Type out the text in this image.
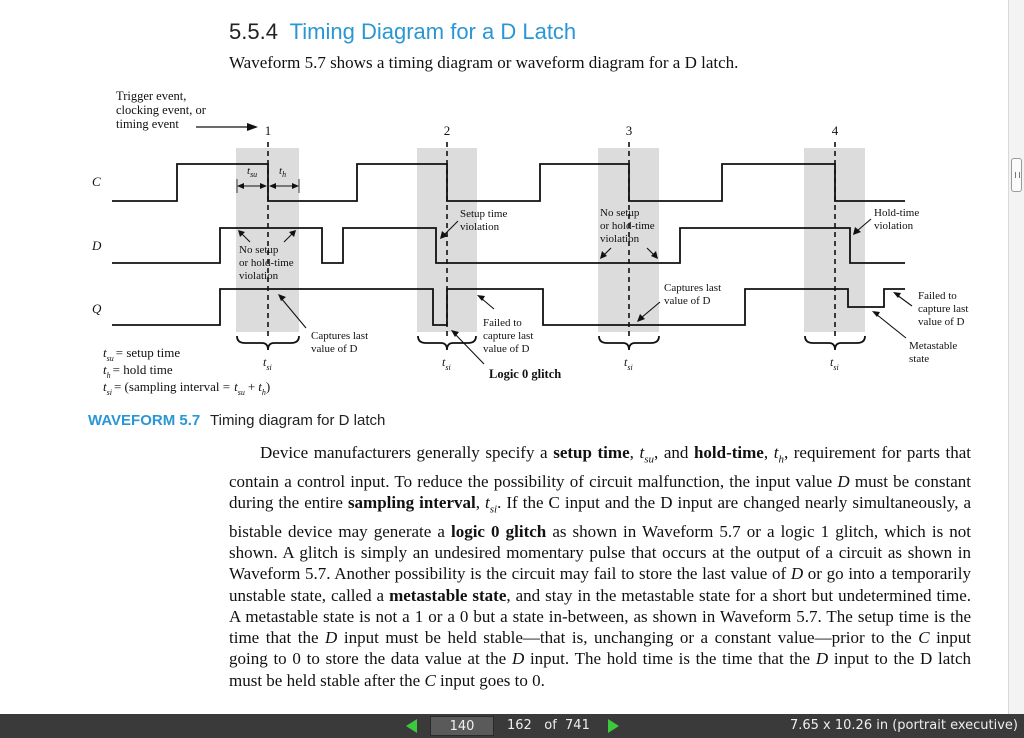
5.5.4 Timing Diagram for a D Latch
Waveform 5.7 shows a timing diagram or waveform diagram for a D latch.
Trigger event,
clocking event, or
timing event	1	2	3	4
C
D
Q
$t_{su}$ $t_h$
No setup
or hold-time
violation
Setup time
violation
No setup
or hold-time
violation
Hold-time
violation
Captures last
value of D
Failed to
capture last
value of D
Logic 0 glitch
Captures last
value of D	Failed to
capture last
value of D
Metastable
state
$t_{si}$	$t_{si}$	$t_{si}$	$t_{si}$
$t_{su}$ = setup time
$t_h$ = hold time
$t_{si}$ = (sampling interval = $t_{su} + t_h$)
WAVEFORM 5.7 Timing diagram for D latch

Device manufacturers generally specify a setup time, $t_{su}$, and hold-time, $t_h$, requirement for parts that contain a control input. To reduce the possibility of circuit malfunction, the input value D must be constant during the entire sampling interval, $t_{si}$. If the C input and the D input are changed nearly simultaneously, a bistable device may generate a logic 0 glitch as shown in Waveform 5.7 or a logic 1 glitch, which is not shown. A glitch is simply an undesired momentary pulse that occurs at the output of a circuit as shown in Waveform 5.7. Another possibility is the circuit may fail to store the last value of D or go into a temporarily unstable state, called a metastable state, and stay in the metastable state for a short but undetermined time. A metastable state is not a 1 or a 0 but a state in-between, as shown in Waveform 5.7. The setup time is the time that the D input must be held stable—that is, unchanging or a constant value—prior to the C input going to 0 to store the data value at the D input. The hold time is the time that the D input to the D latch must be held stable after the C input goes to 0.

140
162 of 741	7.65 x 10.26 in (portrait executive)
